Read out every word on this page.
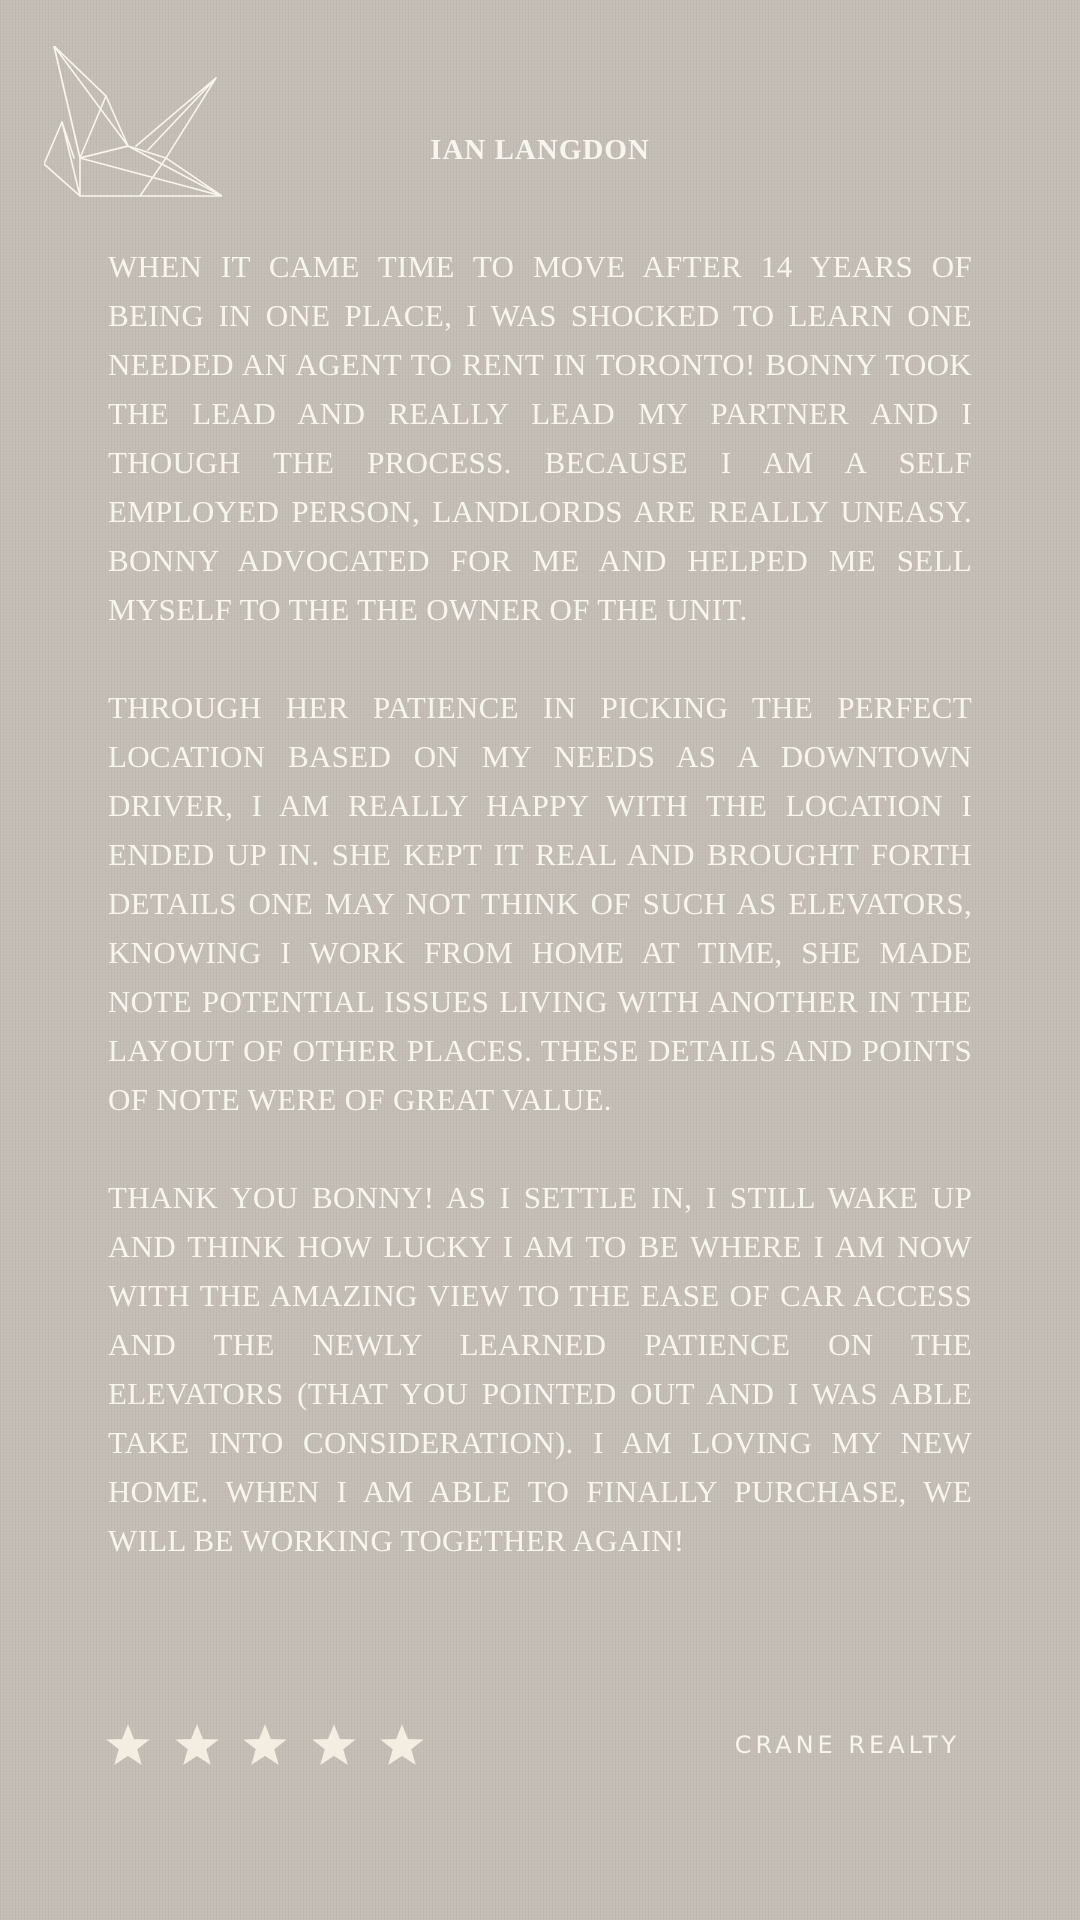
IAN LANGDON

WHEN IT CAME TIME TO MOVE AFTER 14 YEARS OF BEING IN ONE PLACE, I WAS SHOCKED TO LEARN ONE NEEDED AN AGENT TO RENT IN TORONTO! BONNY TOOK THE LEAD AND REALLY LEAD MY PARTNER AND I THOUGH THE PROCESS. BECAUSE I AM A SELF EMPLOYED PERSON, LANDLORDS ARE REALLY UNEASY. BONNY ADVOCATED FOR ME AND HELPED ME SELL MYSELF TO THE THE OWNER OF THE UNIT.

THROUGH HER PATIENCE IN PICKING THE PERFECT LOCATION BASED ON MY NEEDS AS A DOWNTOWN DRIVER, I AM REALLY HAPPY WITH THE LOCATION I ENDED UP IN. SHE KEPT IT REAL AND BROUGHT FORTH DETAILS ONE MAY NOT THINK OF SUCH AS ELEVATORS, KNOWING I WORK FROM HOME AT TIME, SHE MADE NOTE POTENTIAL ISSUES LIVING WITH ANOTHER IN THE LAYOUT OF OTHER PLACES. THESE DETAILS AND POINTS OF NOTE WERE OF GREAT VALUE.

THANK YOU BONNY! AS I SETTLE IN, I STILL WAKE UP AND THINK HOW LUCKY I AM TO BE WHERE I AM NOW WITH THE AMAZING VIEW TO THE EASE OF CAR ACCESS AND THE NEWLY LEARNED PATIENCE ON THE ELEVATORS (THAT YOU POINTED OUT AND I WAS ABLE TAKE INTO CONSIDERATION). I AM LOVING MY NEW HOME. WHEN I AM ABLE TO FINALLY PURCHASE, WE WILL BE WORKING TOGETHER AGAIN!

CRANE REALTY
